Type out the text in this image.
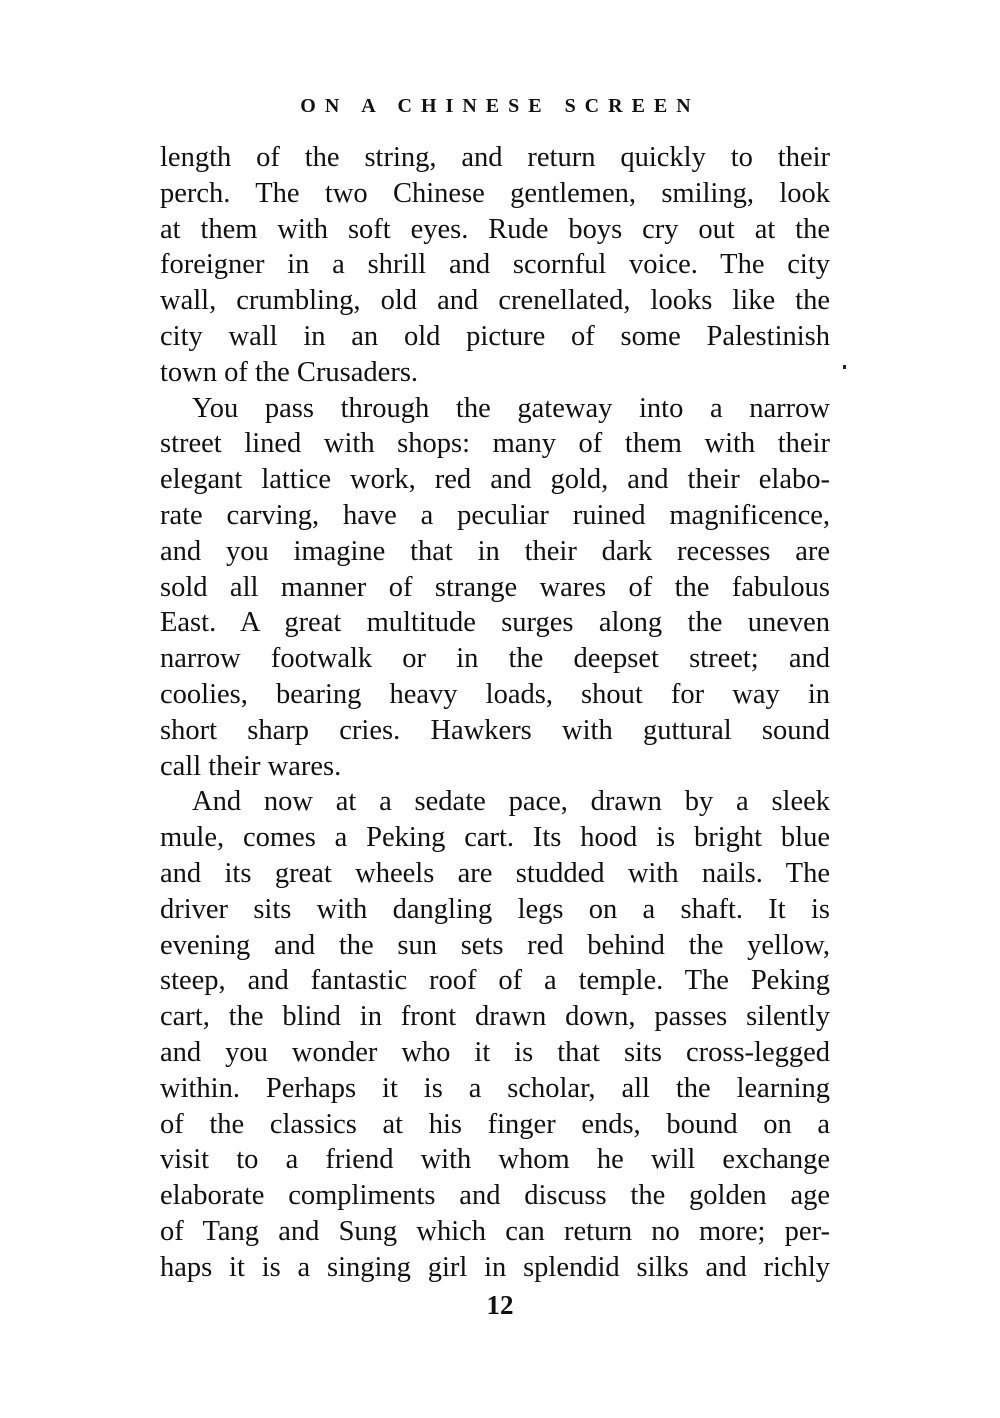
ON A CHINESE SCREEN
length of the string, and return quickly to their
perch. The two Chinese gentlemen, smiling, look
at them with soft eyes. Rude boys cry out at the
foreigner in a shrill and scornful voice. The city
wall, crumbling, old and crenellated, looks like the
city wall in an old picture of some Palestinish
town of the Crusaders.
You pass through the gateway into a narrow
street lined with shops: many of them with their
elegant lattice work, red and gold, and their elabo-
rate carving, have a peculiar ruined magnificence,
and you imagine that in their dark recesses are
sold all manner of strange wares of the fabulous
East. A great multitude surges along the uneven
narrow footwalk or in the deepset street; and
coolies, bearing heavy loads, shout for way in
short sharp cries. Hawkers with guttural sound
call their wares.
And now at a sedate pace, drawn by a sleek
mule, comes a Peking cart. Its hood is bright blue
and its great wheels are studded with nails. The
driver sits with dangling legs on a shaft. It is
evening and the sun sets red behind the yellow,
steep, and fantastic roof of a temple. The Peking
cart, the blind in front drawn down, passes silently
and you wonder who it is that sits cross-legged
within. Perhaps it is a scholar, all the learning
of the classics at his finger ends, bound on a
visit to a friend with whom he will exchange
elaborate compliments and discuss the golden age
of Tang and Sung which can return no more; per-
haps it is a singing girl in splendid silks and richly
12
